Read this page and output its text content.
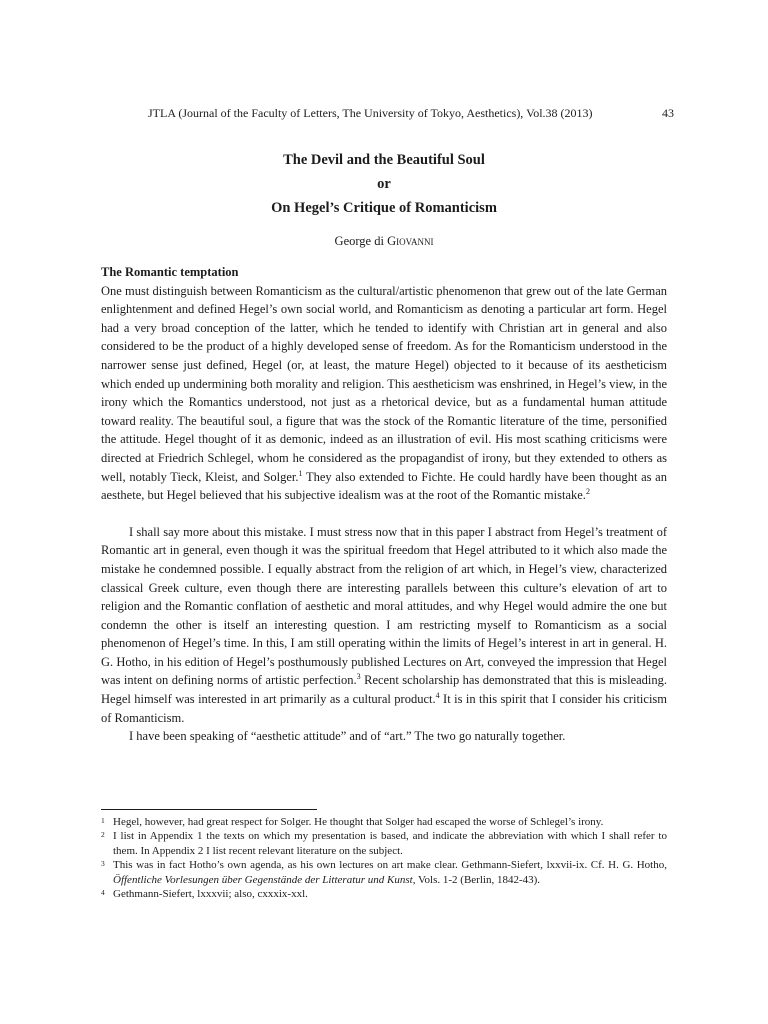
JTLA (Journal of the Faculty of Letters, The University of Tokyo, Aesthetics), Vol.38 (2013)	43
The Devil and the Beautiful Soul
or
On Hegel’s Critique of Romanticism
George di Giovanni

The Romantic temptation

One must distinguish between Romanticism as the cultural/artistic phenomenon that grew out of the late German enlightenment and defined Hegel’s own social world, and Romanticism as denoting a particular art form. Hegel had a very broad conception of the latter, which he tended to identify with Christian art in general and also considered to be the product of a highly developed sense of freedom. As for the Romanticism understood in the narrower sense just defined, Hegel (or, at least, the mature Hegel) objected to it because of its aestheticism which ended up undermining both morality and religion. This aestheticism was enshrined, in Hegel’s view, in the irony which the Romantics understood, not just as a rhetorical device, but as a fundamental human attitude toward reality. The beautiful soul, a figure that was the stock of the Romantic literature of the time, personified the attitude. Hegel thought of it as demonic, indeed as an illustration of evil. His most scathing criticisms were directed at Friedrich Schlegel, whom he considered as the propagandist of irony, but they extended to others as well, notably Tieck, Kleist, and Solger.$^1$ They also extended to Fichte. He could hardly have been thought as an aesthete, but Hegel believed that his subjective idealism was at the root of the Romantic mistake.$^2$

I shall say more about this mistake. I must stress now that in this paper I abstract from Hegel’s treatment of Romantic art in general, even though it was the spiritual freedom that Hegel attributed to it which also made the mistake he condemned possible. I equally abstract from the religion of art which, in Hegel’s view, characterized classical Greek culture, even though there are interesting parallels between this culture’s elevation of art to religion and the Romantic conflation of aesthetic and moral attitudes, and why Hegel would admire the one but condemn the other is itself an interesting question. I am restricting myself to Romanticism as a social phenomenon of Hegel’s time. In this, I am still operating within the limits of Hegel’s interest in art in general. H. G. Hotho, in his edition of Hegel’s posthumously published Lectures on Art, conveyed the impression that Hegel was intent on defining norms of artistic perfection.$^3$ Recent scholarship has demonstrated that this is misleading. Hegel himself was interested in art primarily as a cultural product.$^4$ It is in this spirit that I consider his criticism of Romanticism.

I have been speaking of “aesthetic attitude” and of “art.” The two go naturally together.

1 Hegel, however, had great respect for Solger. He thought that Solger had escaped the worse of Schlegel’s irony.
2 I list in Appendix 1 the texts on which my presentation is based, and indicate the abbreviation with which I shall refer to them. In Appendix 2 I list recent relevant literature on the subject.
3 This was in fact Hotho’s own agenda, as his own lectures on art make clear. Gethmann-Siefert, lxxvii-ix. Cf. H. G. Hotho, Öffentliche Vorlesungen über Gegenstände der Litteratur und Kunst, Vols. 1-2 (Berlin, 1842-43).
4 Gethmann-Siefert, lxxxvii; also, cxxxix-xxl.
